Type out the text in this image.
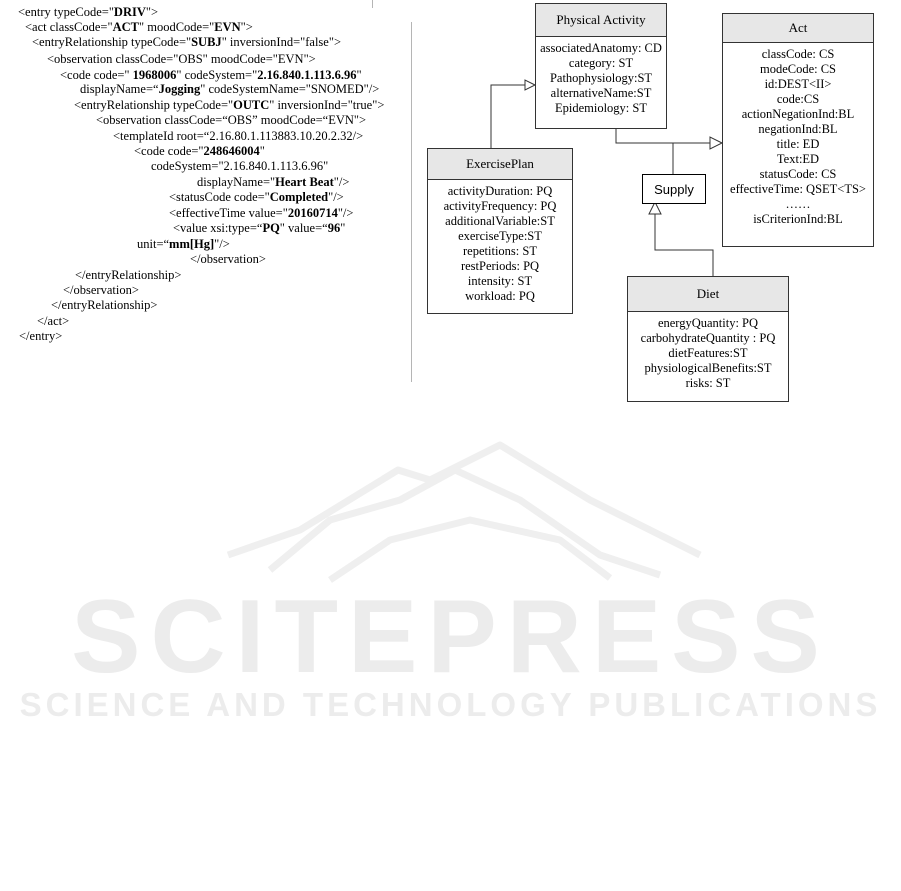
SCITEPRESS
SCIENCE AND TECHNOLOGY PUBLICATIONS
<entry typeCode="DRIV">
<act classCode="ACT" moodCode="EVN">
<entryRelationship typeCode="SUBJ" inversionInd="false">
<observation classCode="OBS" moodCode="EVN">
<code code=" 1968006" codeSystem="2.16.840.1.113.6.96"
displayName=“Jogging" codeSystemName="SNOMED"/>
<entryRelationship typeCode="OUTC" inversionInd="true">
<observation classCode=“OBS” moodCode=“EVN">
<templateId root=“2.16.80.1.113883.10.20.2.32/>
<code code="248646004"
codeSystem="2.16.840.1.113.6.96"
displayName="Heart Beat"/>
<statusCode code="Completed"/>
<effectiveTime value="20160714"/>
<value xsi:type=“PQ" value=“96"
unit=“mm[Hg]"/>
</observation>
</entryRelationship>
</observation>
</entryRelationship>
</act>
</entry>
Physical Activity
associatedAnatomy: CD
category: ST
Pathophysiology:ST
alternativeName:ST
Epidemiology: ST
Act
classCode: CS
modeCode: CS
id:DEST<II>
code:CS
actionNegationInd:BL
negationInd:BL
title: ED
Text:ED
statusCode: CS
effectiveTime: QSET<TS>
……
isCriterionInd:BL
ExercisePlan
activityDuration: PQ
activityFrequency: PQ
additionalVariable:ST
exerciseType:ST
repetitions: ST
restPeriods: PQ
intensity: ST
workload: PQ
Supply
Diet
energyQuantity: PQ
carbohydrateQuantity : PQ
dietFeatures:ST
physiologicalBenefits:ST
risks: ST
